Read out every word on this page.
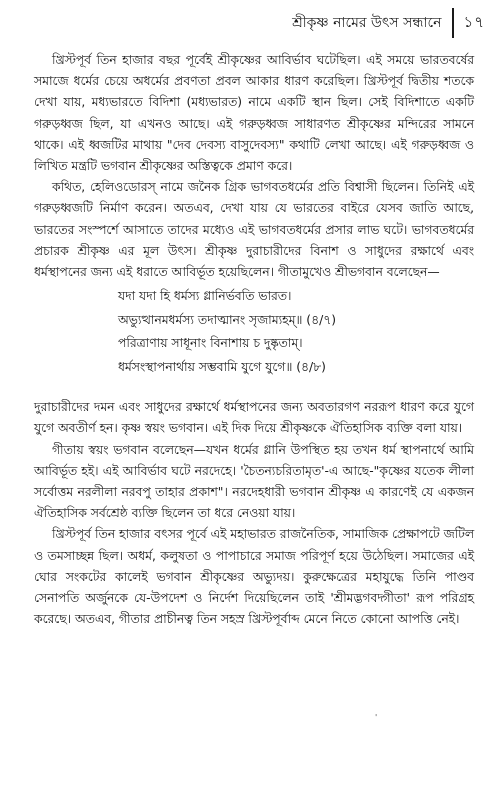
শ্রীকৃষ্ণ নামের উৎস সন্ধানে ১৭

খ্রিস্টপূর্ব তিন হাজার বছর পূর্বেই শ্রীকৃষ্ণের আবির্ভাব ঘটেছিল। এই সময়ে ভারতবর্ষের সমাজে ধর্মের চেয়ে অধর্মের প্রবণতা প্রবল আকার ধারণ করেছিল। খ্রিস্টপূর্ব দ্বিতীয় শতকে দেখা যায়, মধ্যভারতে বিদিশা (মধ্যভারত) নামে একটি স্থান ছিল। সেই বিদিশাতে একটি গরুড়ধ্বজ ছিল, যা এখনও আছে। এই গরুড়ধ্বজ সাধারণত শ্রীকৃষ্ণের মন্দিরের সামনে থাকে। এই ধ্বজটির মাথায় "দেব দেবস্য বাসুদেবস্য" কথাটি লেখা আছে। এই গরুড়ধ্বজ ও লিখিত মন্ত্রটি ভগবান শ্রীকৃষ্ণের অস্তিত্বকে প্রমাণ করে।

কথিত, হেলিওডোরস্ নামে জনৈক গ্রিক ভাগবতধর্মের প্রতি বিশ্বাসী ছিলেন। তিনিই এই গরুড়ধ্বজটি নির্মাণ করেন। অতএব, দেখা যায় যে ভারতের বাইরে যেসব জাতি আছে, ভারতের সংস্পর্শে আসাতে তাদের মধ্যেও এই ভাগবতধর্মের প্রসার লাভ ঘটে। ভাগবতধর্মের প্রচারক শ্রীকৃষ্ণ এর মূল উৎস। শ্রীকৃষ্ণ দুরাচারীদের বিনাশ ও সাধুদের রক্ষার্থে এবং ধর্মস্থাপনের জন্য এই ধরাতে আবির্ভূত হয়েছিলেন। গীতামুখেও শ্রীভগবান বলেছেন—

যদা যদা হি ধর্মস্য গ্লানির্ভবতি ভারত।
অভ্যুত্থানমধর্মস্য তদাত্মানং সৃজাম্যহম্॥ (৪/৭)
পরিত্রাণায় সাধূনাং বিনাশায় চ দুষ্কৃতাম্।
ধর্মসংস্থাপনার্থায় সম্ভবামি যুগে যুগে॥ (৪/৮)

দুরাচারীদের দমন এবং সাধুদের রক্ষার্থে ধর্মস্থাপনের জন্য অবতারগণ নররূপ ধারণ করে যুগে যুগে অবতীর্ণ হন। কৃষ্ণ স্বয়ং ভগবান। এই দিক দিয়ে শ্রীকৃষ্ণকে ঐতিহাসিক ব্যক্তি বলা যায়।

গীতায় স্বয়ং ভগবান বলেছেন—যখন ধর্মের গ্লানি উপস্থিত হয় তখন ধর্ম স্থাপনার্থে আমি আবির্ভূত হই। এই আবির্ভাব ঘটে নরদেহে। 'চৈতন্যচরিতামৃত'-এ আছে-"কৃষ্ণের যতেক লীলা সর্বোত্তম নরলীলা নরবপু তাহার প্রকাশ"। নরদেহধারী ভগবান শ্রীকৃষ্ণ এ কারণেই যে একজন ঐতিহাসিক সর্বশ্রেষ্ঠ ব্যক্তি ছিলেন তা ধরে নেওয়া যায়।

খ্রিস্টপূর্ব তিন হাজার বৎসর পূর্বে এই মহাভারত রাজনৈতিক, সামাজিক প্রেক্ষাপটে জটিল ও তমসাচ্ছন্ন ছিল। অধর্ম, কলুষতা ও পাপাচারে সমাজ পরিপূর্ণ হয়ে উঠেছিল। সমাজের এই ঘোর সংকটের কালেই ভগবান শ্রীকৃষ্ণের অভ্যুদয়। কুরুক্ষেত্রের মহাযুদ্ধে তিনি পাণ্ডব সেনাপতি অর্জুনকে যে-উপদেশ ও নির্দেশ দিয়েছিলেন তাই 'শ্রীমদ্ভগবদ্গীতা' রূপ পরিগ্রহ করেছে। অতএব, গীতার প্রাচীনত্ব তিন সহস্র খ্রিস্টপূর্বাব্দ মেনে নিতে কোনো আপত্তি নেই।

'
